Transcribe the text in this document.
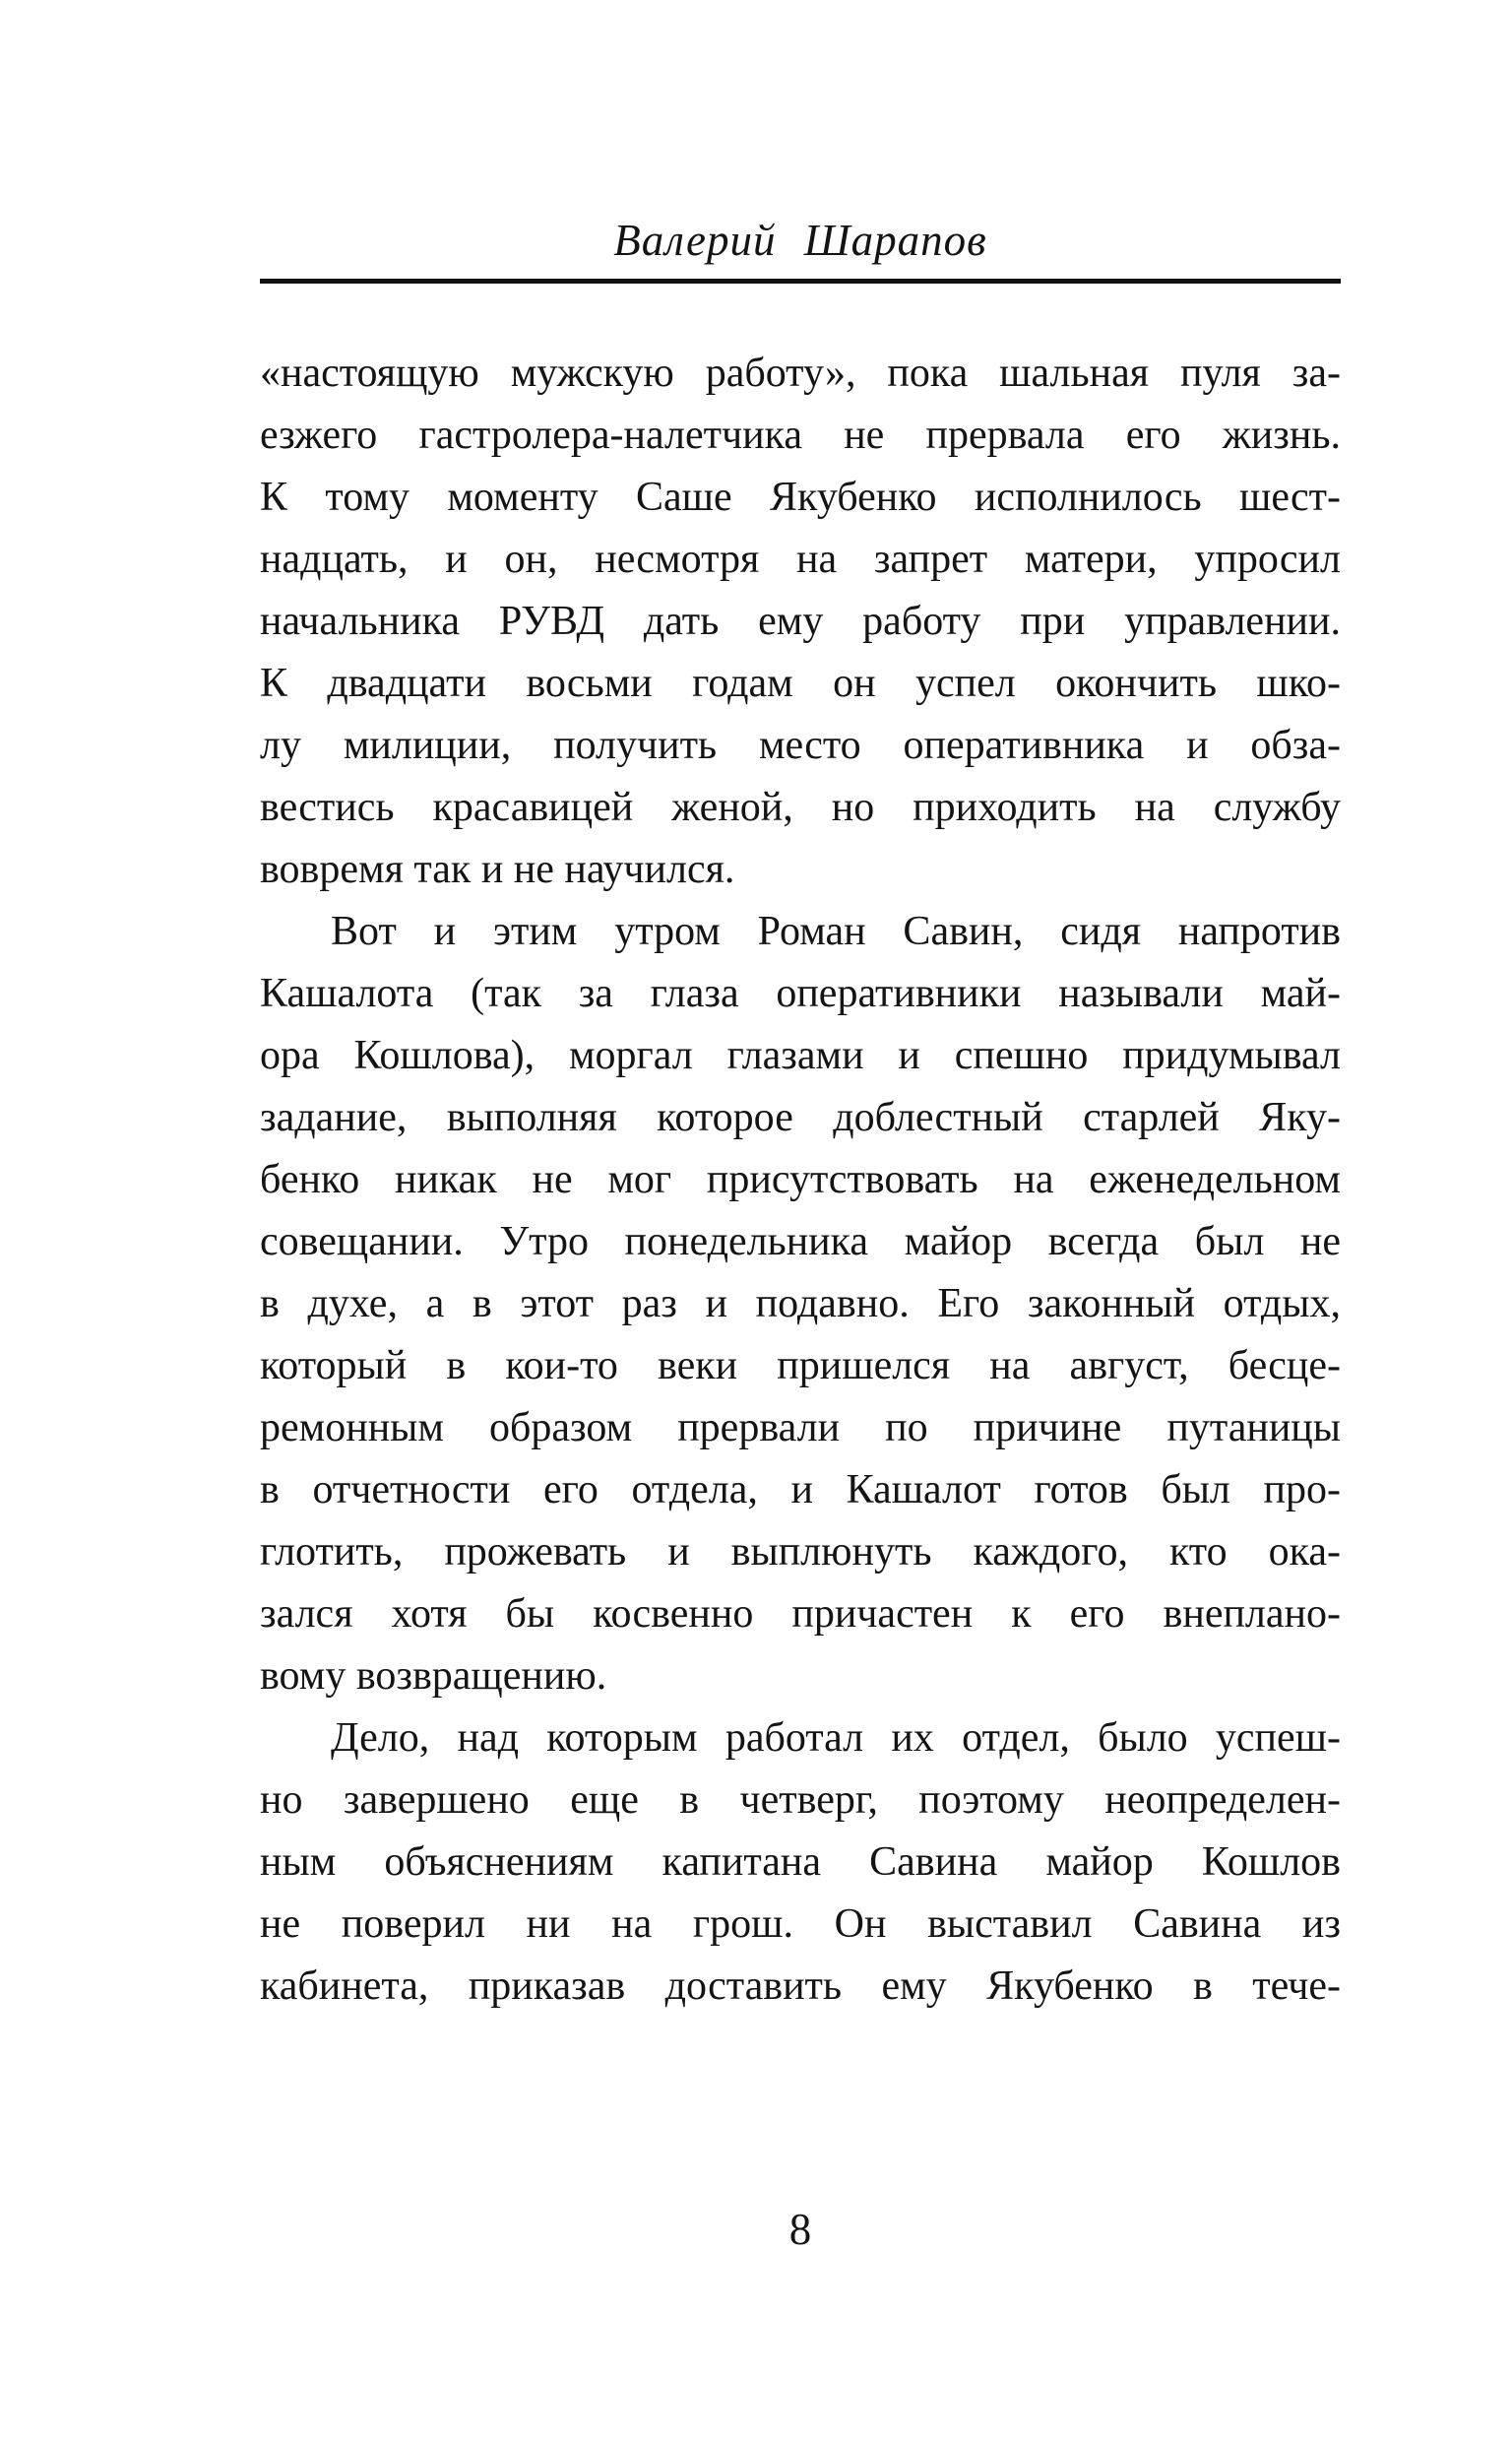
Валерий Шарапов
«настоящую мужскую работу», пока шальная пуля за-
езжего гастролера-налетчика не прервала его жизнь.
К тому моменту Саше Якубенко исполнилось шест-
надцать, и он, несмотря на запрет матери, упросил
начальника РУВД дать ему работу при управлении.
К двадцати восьми годам он успел окончить шко-
лу милиции, получить место оперативника и обза-
вестись красавицей женой, но приходить на службу
вовремя так и не научился.
Вот и этим утром Роман Савин, сидя напротив
Кашалота (так за глаза оперативники называли май-
ора Кошлова), моргал глазами и спешно придумывал
задание, выполняя которое доблестный старлей Яку-
бенко никак не мог присутствовать на еженедельном
совещании. Утро понедельника майор всегда был не
в духе, а в этот раз и подавно. Его законный отдых,
который в кои-то веки пришелся на август, бесце-
ремонным образом прервали по причине путаницы
в отчетности его отдела, и Кашалот готов был про-
глотить, прожевать и выплюнуть каждого, кто ока-
зался хотя бы косвенно причастен к его внеплано-
вому возвращению.
Дело, над которым работал их отдел, было успеш-
но завершено еще в четверг, поэтому неопределен-
ным объяснениям капитана Савина майор Кошлов
не поверил ни на грош. Он выставил Савина из
кабинета, приказав доставить ему Якубенко в тече-
8
